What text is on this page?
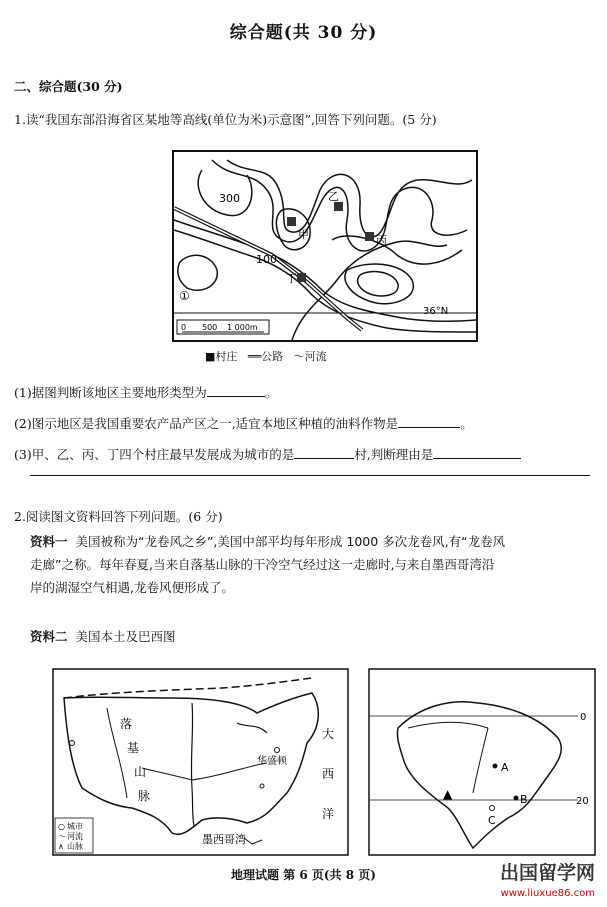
综合题(共 30 分)
二、综合题(30 分)
1.读“我国东部沿海省区某地等高线(单位为米)示意图”,回答下列问题。(5 分)
300
100
甲
乙
丙
丁
①
36°N
0 500 1 000m
■村庄 ══公路 〜河流
(1)据图判断该地区主要地形类型为	。
(2)图示地区是我国重要农产品产区之一,适宜本地区种植的油料作物是	。
(3)甲、乙、丙、丁四个村庄最早发展成为城市的是	村,判断理由是
2.阅读图文资料回答下列问题。(6 分)
资料一 美国被称为“龙卷风之乡”,美国中部平均每年形成 1000 多次龙卷风,有“龙卷风
走廊”之称。每年春夏,当来自落基山脉的干冷空气经过这一走廊时,与来自墨西哥湾沿
岸的湖湿空气相遇,龙卷风便形成了。
资料二 美国本土及巴西图
落
基
山
脉
华盛顿
大
西
洋
墨西哥湾
○ 城市
〜 河流
∧ 山脉
▲
A
B
C
0
20
地理试题 第 6 页(共 8 页)	出国留学网
www.liuxue86.com
